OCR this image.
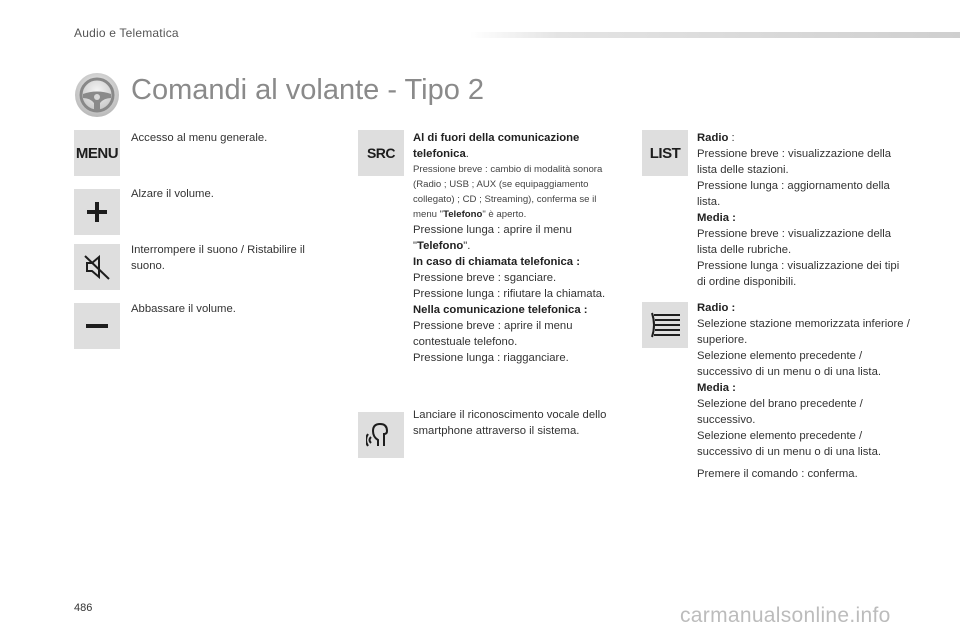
Audio e Telematica
Comandi al volante - Tipo 2
MENU

Accesso al menu generale.

Alzare il volume.

Interrompere il suono / Ristabilire il suono.

Abbassare il volume.

SRC

Al di fuori della comunicazione telefonica.

Pressione breve : cambio di modalità sonora (Radio ; USB ; AUX (se equipaggiamento collegato) ; CD ; Streaming), conferma se il menu "Telefono" è aperto.

Pressione lunga : aprire il menu "Telefono".

In caso di chiamata telefonica :

Pressione breve : sganciare.

Pressione lunga : rifiutare la chiamata.

Nella comunicazione telefonica :

Pressione breve : aprire il menu contestuale telefono.

Pressione lunga : riagganciare.

Lanciare il riconoscimento vocale dello smartphone attraverso il sistema.

LIST

Radio :

Pressione breve : visualizzazione della lista delle stazioni.

Pressione lunga : aggiornamento della lista.

Media :

Pressione breve : visualizzazione della lista delle rubriche.

Pressione lunga : visualizzazione dei tipi di ordine disponibili.

Radio :

Selezione stazione memorizzata inferiore / superiore.

Selezione elemento precedente / successivo di un menu o di una lista.

Media :

Selezione del brano precedente / successivo.

Selezione elemento precedente / successivo di un menu o di una lista.

Premere il comando : conferma.

486	carmanualsonline.info
